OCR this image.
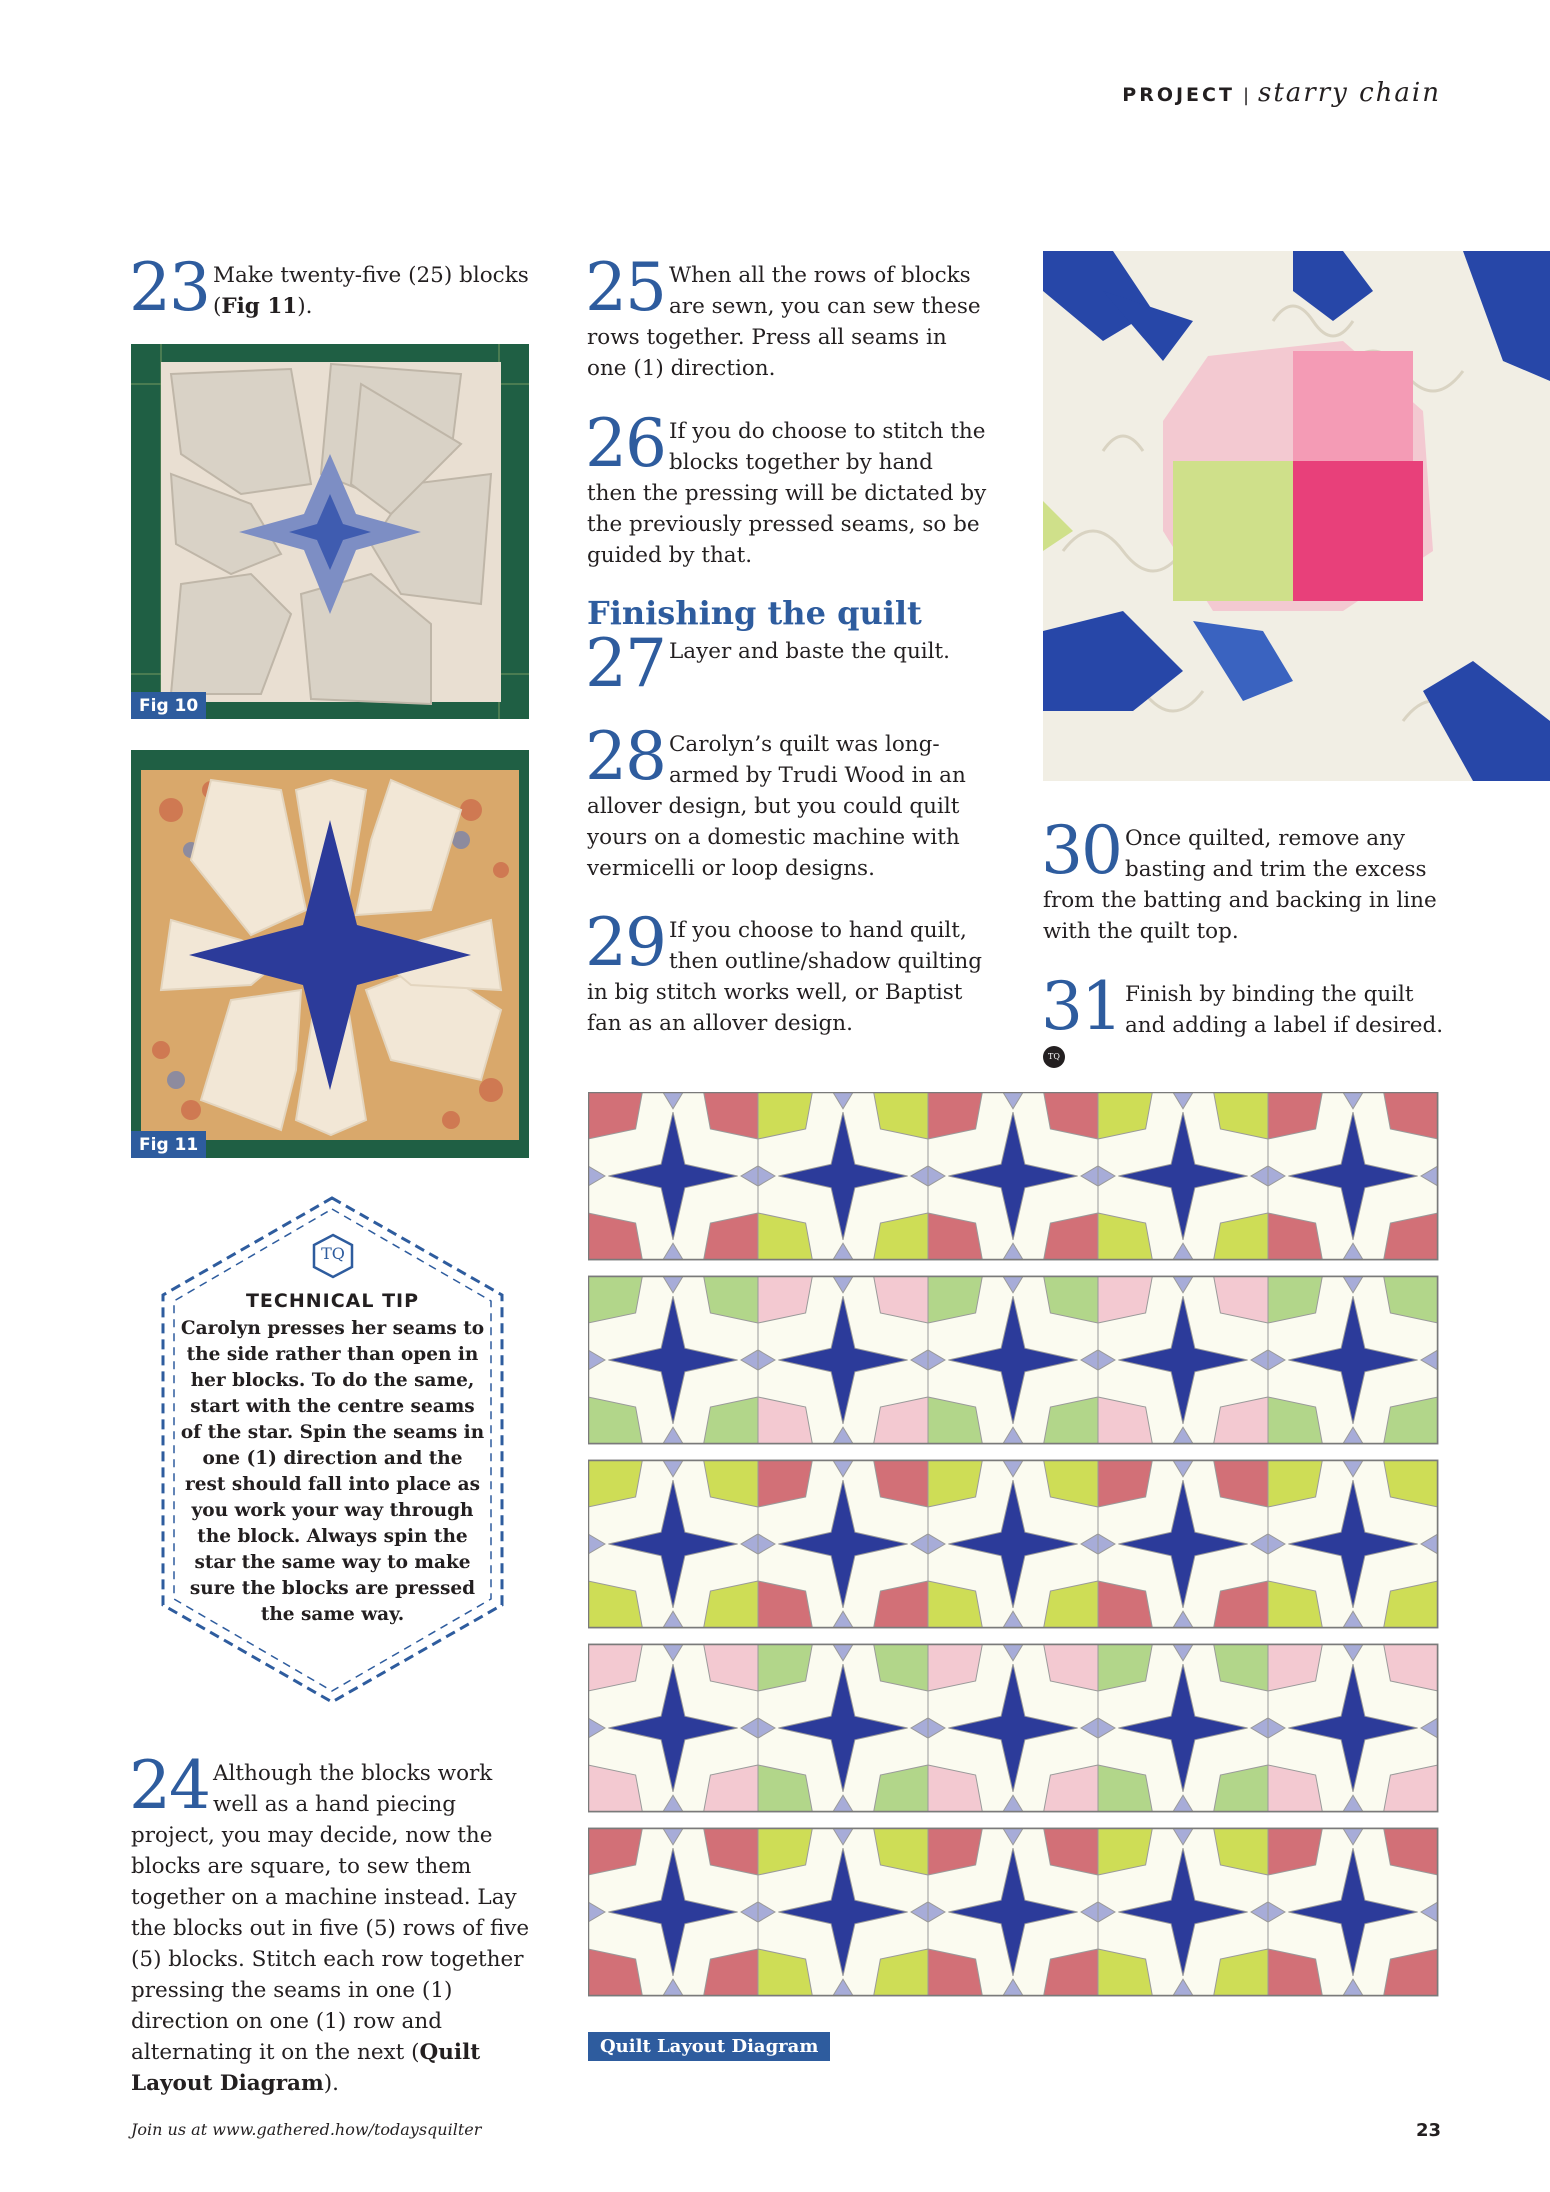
PROJECT | starry chain
23 Make twenty-five (25) blocks (Fig 11).
Fig 10
Fig 11
TQ
TECHNICAL TIP
Carolyn presses her seams to the side rather than open in her blocks. To do the same, start with the centre seams of the star. Spin the seams in one (1) direction and the rest should fall into place as you work your way through the block. Always spin the star the same way to make sure the blocks are pressed the same way.
24 Although the blocks work well as a hand piecing project, you may decide, now the blocks are square, to sew them together on a machine instead. Lay the blocks out in five (5) rows of five (5) blocks. Stitch each row together pressing the seams in one (1) direction on one (1) row and alternating it on the next (Quilt Layout Diagram).
25 When all the rows of blocks are sewn, you can sew these rows together. Press all seams in one (1) direction.
26 If you do choose to stitch the blocks together by hand then the pressing will be dictated by the previously pressed seams, so be guided by that.
Finishing the quilt
27 Layer and baste the quilt.
28 Carolyn’s quilt was long-armed by Trudi Wood in an allover design, but you could quilt yours on a domestic machine with vermicelli or loop designs.
29 If you choose to hand quilt, then outline/shadow quilting in big stitch works well, or Baptist fan as an allover design.
30 Once quilted, remove any basting and trim the excess from the batting and backing in line with the quilt top.
31 Finish by binding the quilt and adding a label if desired. TQ
Quilt Layout Diagram
Join us at www.gathered.how/todaysquilter	23
